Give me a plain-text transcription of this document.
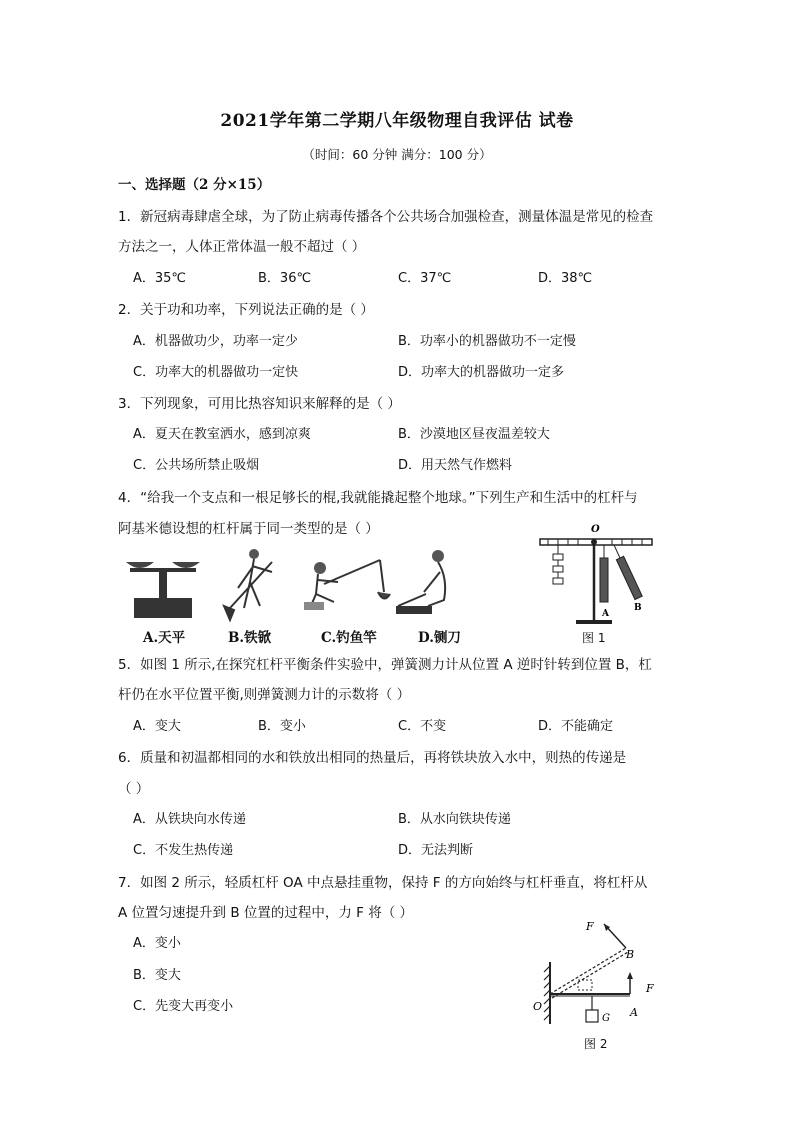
2021学年第二学期八年级物理自我评估 试卷
（时间：60 分钟 满分：100 分）
一、选择题（2 分×15）
1．新冠病毒肆虐全球，为了防止病毒传播各个公共场合加强检查，测量体温是常见的检查
方法之一，人体正常体温一般不超过（ ）
A．35℃	B．36℃	C．37℃	D．38℃
2．关于功和功率，下列说法正确的是（ ）
A．机器做功少，功率一定少	B．功率小的机器做功不一定慢
C．功率大的机器做功一定快	D．功率大的机器做功一定多
3．下列现象，可用比热容知识来解释的是（ ）
A．夏天在教室洒水，感到凉爽	B．沙漠地区昼夜温差较大
C．公共场所禁止吸烟	D．用天然气作燃料
4．“给我一个支点和一根足够长的棍,我就能撬起整个地球。”下列生产和生活中的杠杆与
阿基米德设想的杠杆属于同一类型的是（ ）
A.天平	B.铁锨	C.钓鱼竿	D.铡刀
O
A
B
图 1
5．如图 1 所示,在探究杠杆平衡条件实验中，弹簧测力计从位置 A 逆时针转到位置 B，杠
杆仍在水平位置平衡,则弹簧测力计的示数将（ ）
A．变大	B．变小	C．不变	D．不能确定
6．质量和初温都相同的水和铁放出相同的热量后，再将铁块放入水中，则热的传递是
（ ）
A．从铁块向水传递	B．从水向铁块传递
C．不发生热传递	D．无法判断
7．如图 2 所示，轻质杠杆 OA 中点悬挂重物，保持 F 的方向始终与杠杆垂直，将杠杆从
A 位置匀速提升到 B 位置的过程中，力 F 将（ ）
A．变小
B．变大
C．先变大再变小
F
B
F
O	A
G
图 2
